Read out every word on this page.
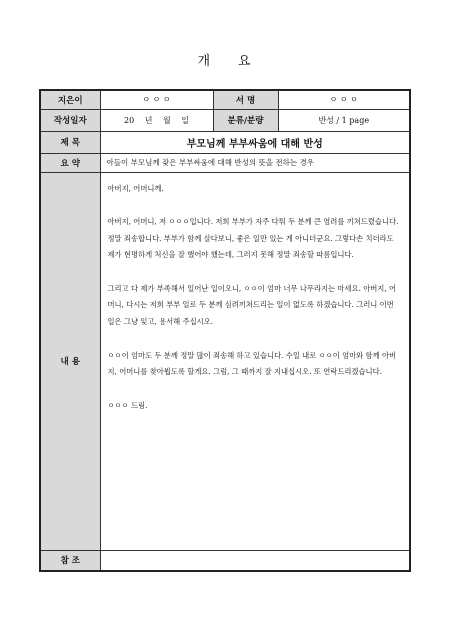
개 요
지은이	ㅇ ㅇ ㅇ	서 명	ㅇ ㅇ ㅇ
작성일자	20　 년　 월　 일	분류/분량	반성 / 1 page
제 목	부모님께 부부싸움에 대해 반성		
요 약	아들이 부모님께 잦은 부부싸움에 대해 반성의 뜻을 전하는 경우		
내 용	아버지, 어머니께.

아버지, 어머니, 저 ㅇㅇㅇ입니다. 저희 부부가 자주 다퉈 두 분께 큰 염려를 끼쳐드렸습니다. 정말 죄송합니다. 부부가 함께 살다보니, 좋은 일만 있는 게 아니더군요. 그렇다손 치더라도 제가 현명하게 처신을 잘 했어야 했는데, 그러지 못해 정말 죄송할 따름입니다.

그리고 다 제가 부족해서 일어난 일이오니, ㅇㅇ이 엄마 너무 나무라지는 마세요. 아버지, 어머니, 다시는 저희 부부 일로 두 분께 심려끼쳐드리는 일이 없도록 하겠습니다. 그러니 이번 일은 그냥 잊고, 용서해 주십시오.

ㅇㅇ이 엄마도 두 분께 정말 많이 죄송해 하고 있습니다. 수일 내로 ㅇㅇ이 엄마와 함께 아버지, 어머니를 찾아뵙도록 할게요. 그럼, 그 때까지 잘 지내십시오. 또 연락드리겠습니다.

ㅇㅇㅇ 드림.		

참 조			
